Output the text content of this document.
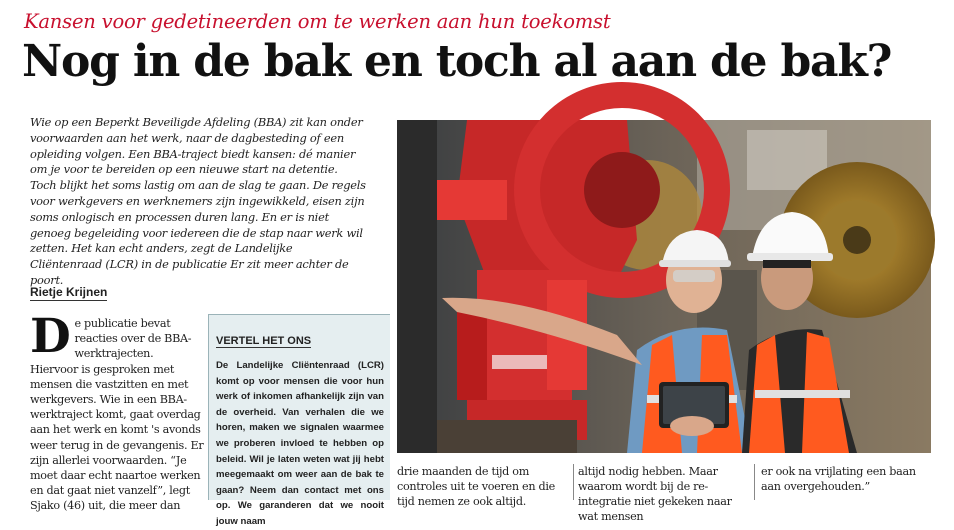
Kansen voor gedetineerden om te werken aan hun toekomst
Nog in de bak en toch al aan de bak?

Wie op een Beperkt Beveiligde Afdeling (BBA) zit kan onder voorwaarden aan het werk, naar de dagbesteding of een opleiding volgen. Een BBA-traject biedt kansen: dé manier om je voor te bereiden op een nieuwe start na detentie. Toch blijkt het soms lastig om aan de slag te gaan. De regels voor werkgevers en werknemers zijn ingewikkeld, eisen zijn soms onlogisch en processen duren lang. En er is niet genoeg begeleiding voor iedereen die de stap naar werk wil zetten. Het kan echt anders, zegt de Landelijke Cliëntenraad (LCR) in de publicatie Er zit meer achter de poort.

Rietje Krijnen
D e publicatie bevat reacties over de BBA-werktrajecten. Hiervoor is gesproken met mensen die vastzitten en met werkgevers. Wie in een BBA-werktraject komt, gaat overdag aan het werk en komt 's avonds weer terug in de gevangenis. Er zijn allerlei voorwaarden. “Je moet daar echt naartoe werken en dat gaat niet vanzelf”, legt Sjako (46) uit, die meer dan
VERTEL HET ONS
De Landelijke Cliëntenraad (LCR) komt op voor mensen die voor hun werk of inkomen afhankelijk zijn van de overheid. Van verhalen die we horen, maken we signalen waarmee we proberen invloed te hebben op beleid. Wil je laten weten wat jij hebt meegemaakt om weer aan de bak te gaan? Neem dan contact met ons op. We garanderen dat we nooit jouw naam
drie maanden de tijd om controles uit te voeren en die tijd nemen ze ook altijd.
altijd nodig hebben. Maar waarom wordt bij de re-integratie niet gekeken naar wat mensen
er ook na vrijlating een baan aan overgehouden.”
